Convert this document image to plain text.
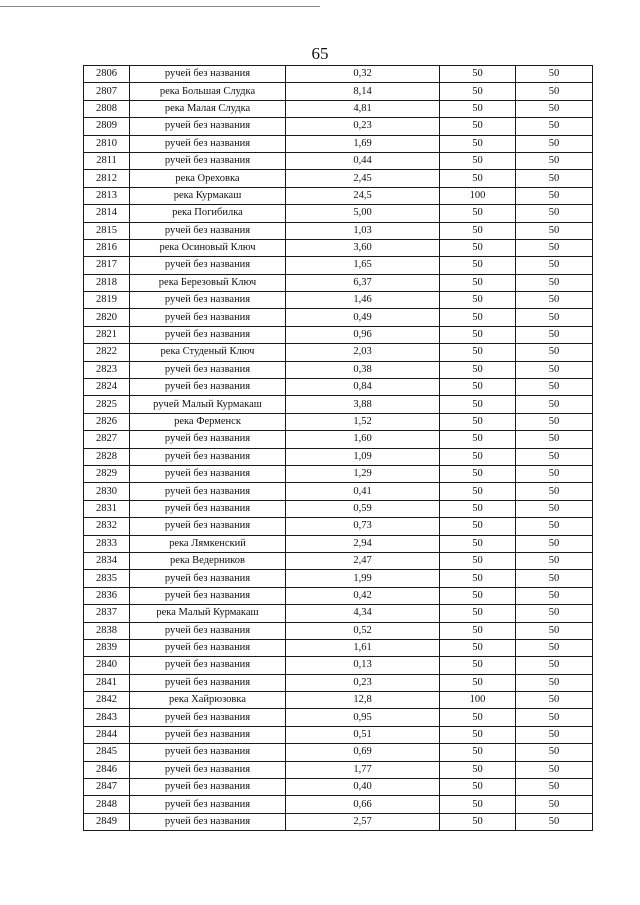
65
2806	ручей без названия	0,32	50	50
2807	река Большая Слудка	8,14	50	50
2808	река Малая Слудка	4,81	50	50
2809	ручей без названия	0,23	50	50
2810	ручей без названия	1,69	50	50
2811	ручей без названия	0,44	50	50
2812	река Ореховка	2,45	50	50
2813	река Курмакаш	24,5	100	50
2814	река Погибилка	5,00	50	50
2815	ручей без названия	1,03	50	50
2816	река Осиновый Ключ	3,60	50	50
2817	ручей без названия	1,65	50	50
2818	река Березовый Ключ	6,37	50	50
2819	ручей без названия	1,46	50	50
2820	ручей без названия	0,49	50	50
2821	ручей без названия	0,96	50	50
2822	река Студеный Ключ	2,03	50	50
2823	ручей без названия	0,38	50	50
2824	ручей без названия	0,84	50	50
2825	ручей Малый Курмакаш	3,88	50	50
2826	река Ферменск	1,52	50	50
2827	ручей без названия	1,60	50	50
2828	ручей без названия	1,09	50	50
2829	ручей без названия	1,29	50	50
2830	ручей без названия	0,41	50	50
2831	ручей без названия	0,59	50	50
2832	ручей без названия	0,73	50	50
2833	река Лямкенский	2,94	50	50
2834	река Ведерников	2,47	50	50
2835	ручей без названия	1,99	50	50
2836	ручей без названия	0,42	50	50
2837	река Малый Курмакаш	4,34	50	50
2838	ручей без названия	0,52	50	50
2839	ручей без названия	1,61	50	50
2840	ручей без названия	0,13	50	50
2841	ручей без названия	0,23	50	50
2842	река Хайрюзовка	12,8	100	50
2843	ручей без названия	0,95	50	50
2844	ручей без названия	0,51	50	50
2845	ручей без названия	0,69	50	50
2846	ручей без названия	1,77	50	50
2847	ручей без названия	0,40	50	50
2848	ручей без названия	0,66	50	50
2849	ручей без названия	2,57	50	50
